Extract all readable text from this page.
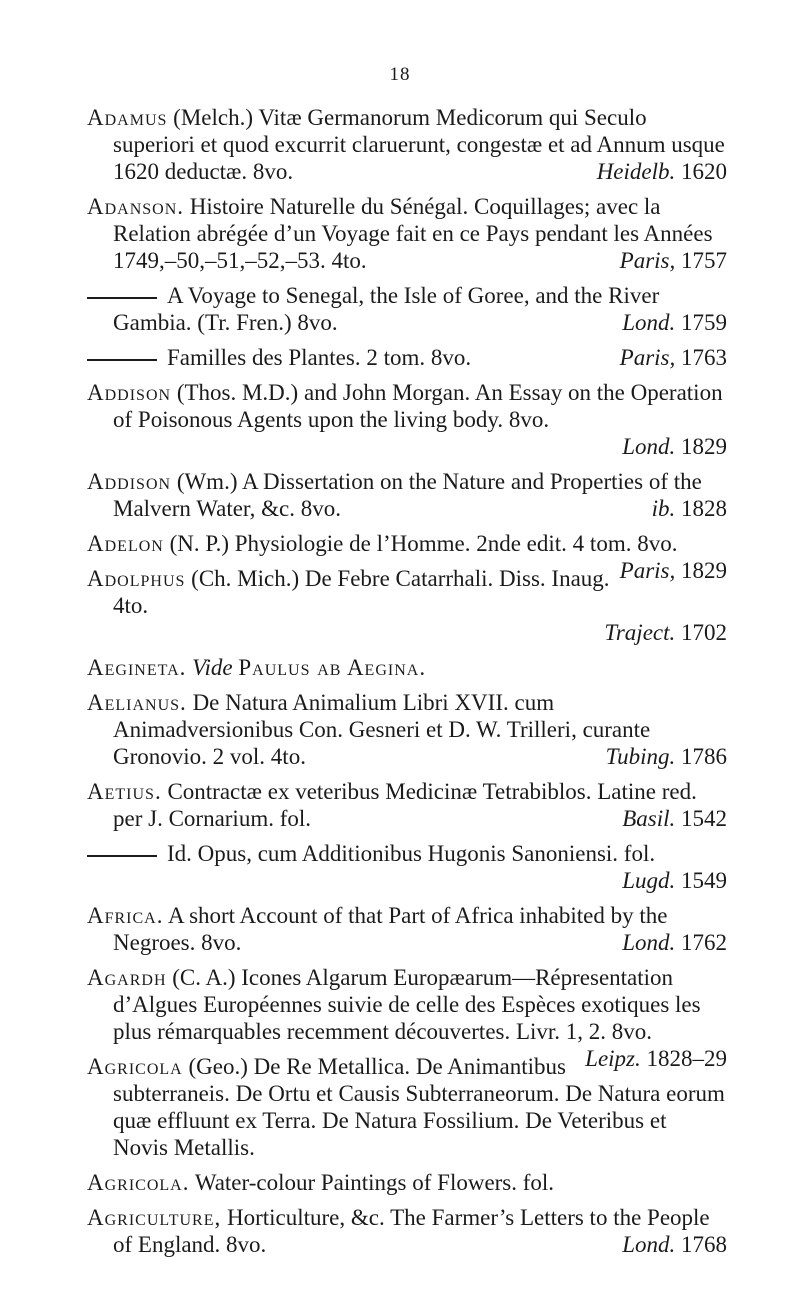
18

Adamus (Melch.) Vitæ Germanorum Medicorum qui Seculo superiori et quod excurrit claruerunt, congestæ et ad Annum usque 1620 deductæ. 8vo.	Heidelb. 1620

Adanson. Histoire Naturelle du Sénégal. Coquillages; avec la Relation abrégée d’un Voyage fait en ce Pays pendant les Années 1749,–50,–51,–52,–53. 4to.	Paris, 1757

A Voyage to Senegal, the Isle of Goree, and the River Gambia. (Tr. Fren.) 8vo.	Lond. 1759

Familles des Plantes. 2 tom. 8vo.	Paris, 1763

Addison (Thos. M.D.) and John Morgan. An Essay on the Operation of Poisonous Agents upon the living body. 8vo.
Lond. 1829

Addison (Wm.) A Dissertation on the Nature and Properties of the Malvern Water, &c. 8vo.	ib. 1828

Adelon (N. P.) Physiologie de l’Homme. 2nde edit. 4 tom. 8vo.
Paris, 1829

Adolphus (Ch. Mich.) De Febre Catarrhali. Diss. Inaug. 4to.
Traject. 1702

Aegineta. Vide Paulus ab Aegina.

Aelianus. De Natura Animalium Libri XVII. cum Animadversionibus Con. Gesneri et D. W. Trilleri, curante Gronovio. 2 vol. 4to.	Tubing. 1786

Aetius. Contractæ ex veteribus Medicinæ Tetrabiblos. Latine red. per J. Cornarium. fol.	Basil. 1542

Id. Opus, cum Additionibus Hugonis Sanoniensi. fol.
Lugd. 1549

Africa. A short Account of that Part of Africa inhabited by the Negroes. 8vo.	Lond. 1762

Agardh (C. A.) Icones Algarum Europæarum—Répresentation d’Algues Européennes suivie de celle des Espèces exotiques les plus rémarquables recemment découvertes. Livr. 1, 2. 8vo.
Leipz. 1828–29

Agricola (Geo.) De Re Metallica. De Animantibus subterraneis. De Ortu et Causis Subterraneorum. De Natura eorum quæ effluunt ex Terra. De Natura Fossilium. De Veteribus et Novis Metallis.

Agricola. Water-colour Paintings of Flowers. fol.

Agriculture, Horticulture, &c. The Farmer’s Letters to the People of England. 8vo.	Lond. 1768
